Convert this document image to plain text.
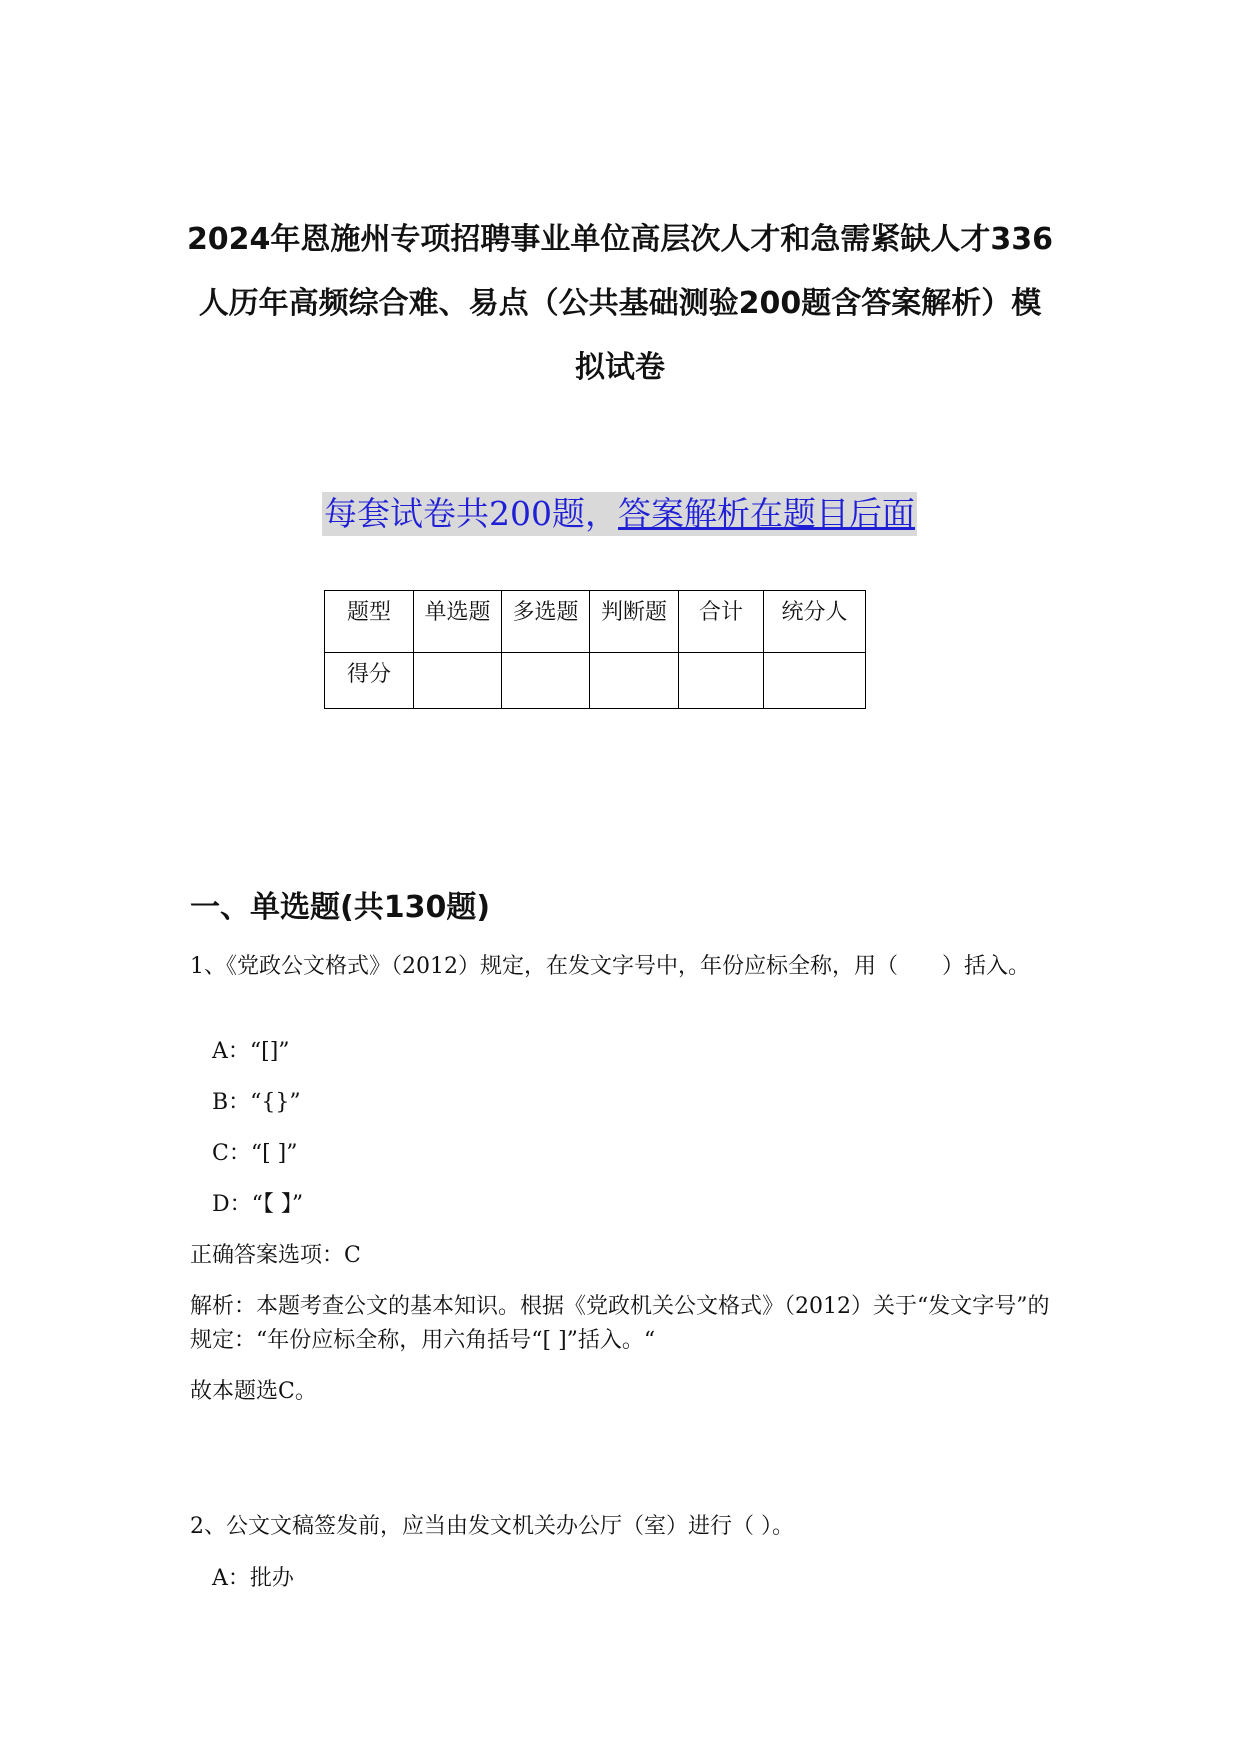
2024年恩施州专项招聘事业单位高层次人才和急需紧缺人才336人历年高频综合难、易点（公共基础测验200题含答案解析）模拟试卷
每套试卷共200题，答案解析在题目后面
题型	单选题	多选题	判断题	合计	统分人
得分					
一、单选题(共130题)

1、《党政公文格式》（2012）规定，在发文字号中，年份应标全称，用（　　）括入。

A：“[]”

B：“{}”

C：“[ ]”

D：“【 】”

正确答案选项：C

解析：本题考查公文的基本知识。根据《党政机关公文格式》（2012）关于“发文字号”的规定：“年份应标全称，用六角括号“[ ]”括入。“

故本题选C。

2、公文文稿签发前，应当由发文机关办公厅（室）进行（ ）。

A：批办
